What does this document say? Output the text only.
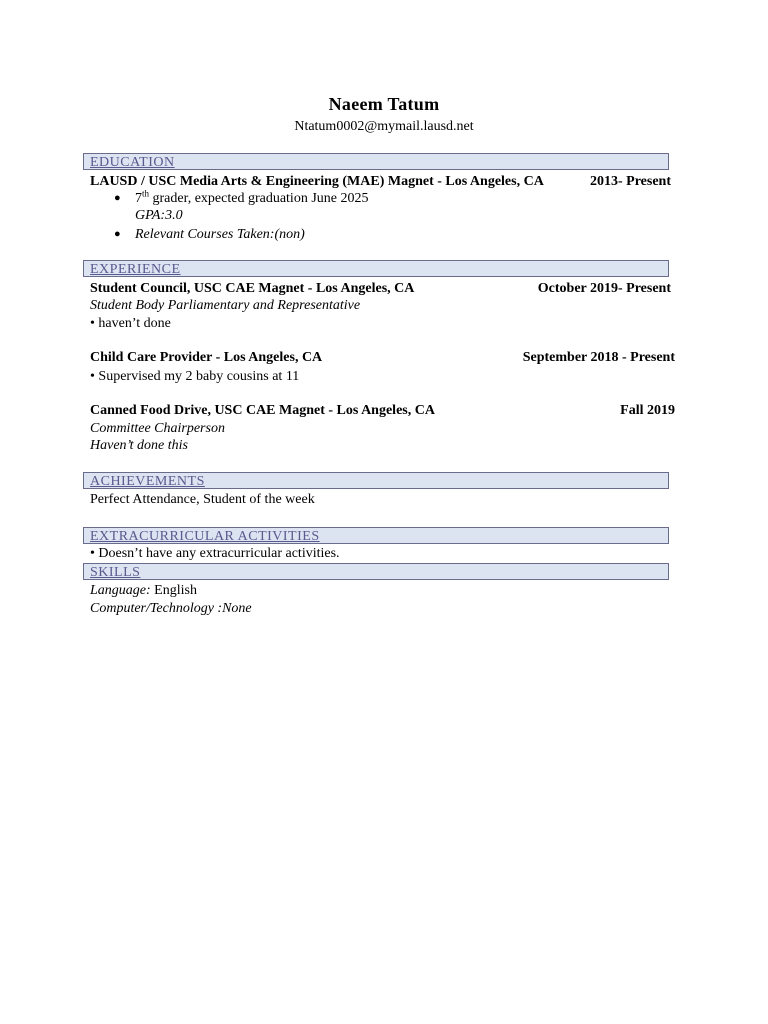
Naeem Tatum
Ntatum0002@mymail.lausd.net
EDUCATION
LAUSD / USC Media Arts & Engineering (MAE) Magnet - Los Angeles, CA	2013- Present
● 7th grader, expected graduation June 2025
GPA:3.0
● Relevant Courses Taken:(non)
EXPERIENCE
Student Council, USC CAE Magnet - Los Angeles, CA	October 2019- Present
Student Body Parliamentary and Representative
• haven’t done
Child Care Provider - Los Angeles, CA	September 2018 - Present
• Supervised my 2 baby cousins at 11
Canned Food Drive, USC CAE Magnet - Los Angeles, CA	Fall 2019
Committee Chairperson
Haven’t done this
ACHIEVEMENTS
Perfect Attendance, Student of the week
EXTRACURRICULAR ACTIVITIES
• Doesn’t have any extracurricular activities.
SKILLS
Language: English
Computer/Technology :None
